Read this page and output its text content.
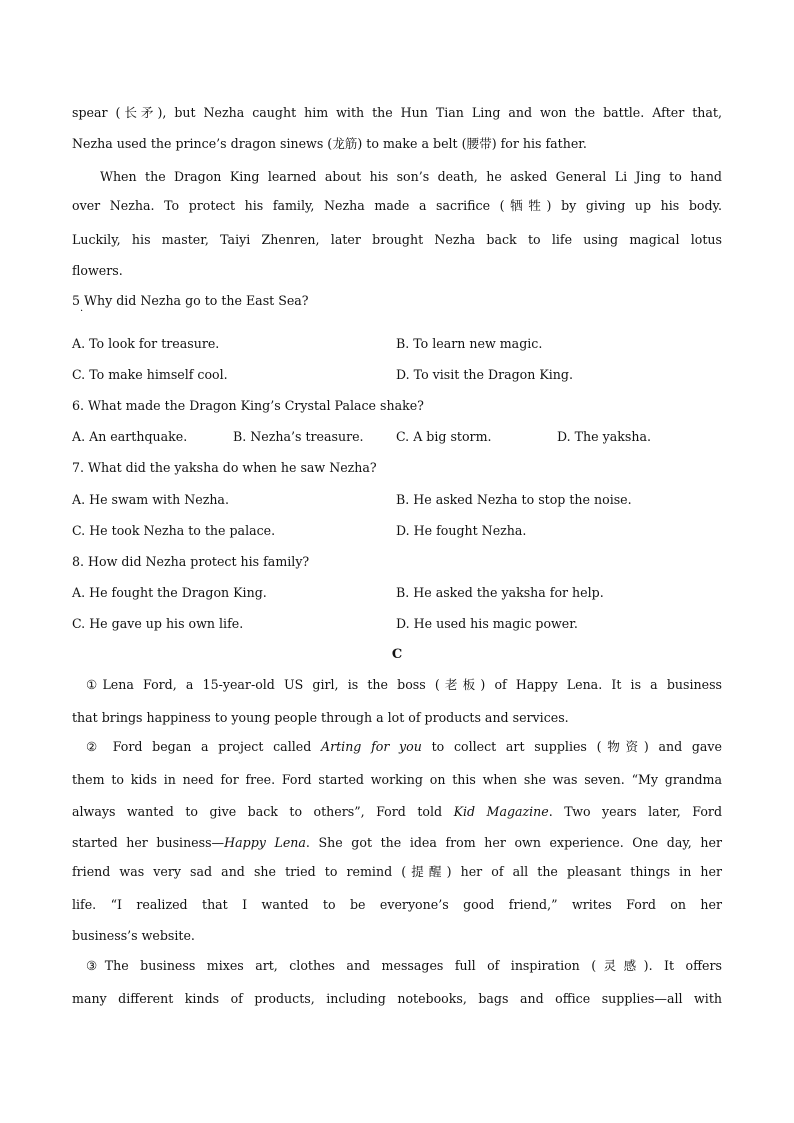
spear (长矛), but Nezha caught him with the Hun Tian Ling and won the battle. After that,
Nezha used the prince’s dragon sinews (龙筋) to make a belt (腰带) for his father.
When the Dragon King learned about his son’s death, he asked General Li Jing to hand
over Nezha. To protect his family, Nezha made a sacrifice (牺牲) by giving up his body.
Luckily, his master, Taiyi Zhenren, later brought Nezha back to life using magical lotus
flowers.
5 Why did Nezha go to the East Sea?
·
A. To look for treasure.	B. To learn new magic.
C. To make himself cool.	D. To visit the Dragon King.
6. What made the Dragon King’s Crystal Palace shake?
A. An earthquake.	B. Nezha’s treasure.	C. A big storm.	D. The yaksha.
7. What did the yaksha do when he saw Nezha?
A. He swam with Nezha.	B. He asked Nezha to stop the noise.
C. He took Nezha to the palace.	D. He fought Nezha.
8. How did Nezha protect his family?
A. He fought the Dragon King.	B. He asked the yaksha for help.
C. He gave up his own life.	D. He used his magic power.
C
①Lena Ford, a 15-year-old US girl, is the boss (老板) of Happy Lena. It is a business
that brings happiness to young people through a lot of products and services.
② Ford began a project called Arting for you to collect art supplies (物资) and gave
them to kids in need for free. Ford started working on this when she was seven. “My grandma
always wanted to give back to others”, Ford told Kid Magazine. Two years later, Ford
started her business—Happy Lena. She got the idea from her own experience. One day, her
friend was very sad and she tried to remind (提醒) her of all the pleasant things in her
life. “I realized that I wanted to be everyone’s good friend,” writes Ford on her
business’s website.
③The business mixes art, clothes and messages full of inspiration (灵感). It offers
many different kinds of products, including notebooks, bags and office supplies—all with
